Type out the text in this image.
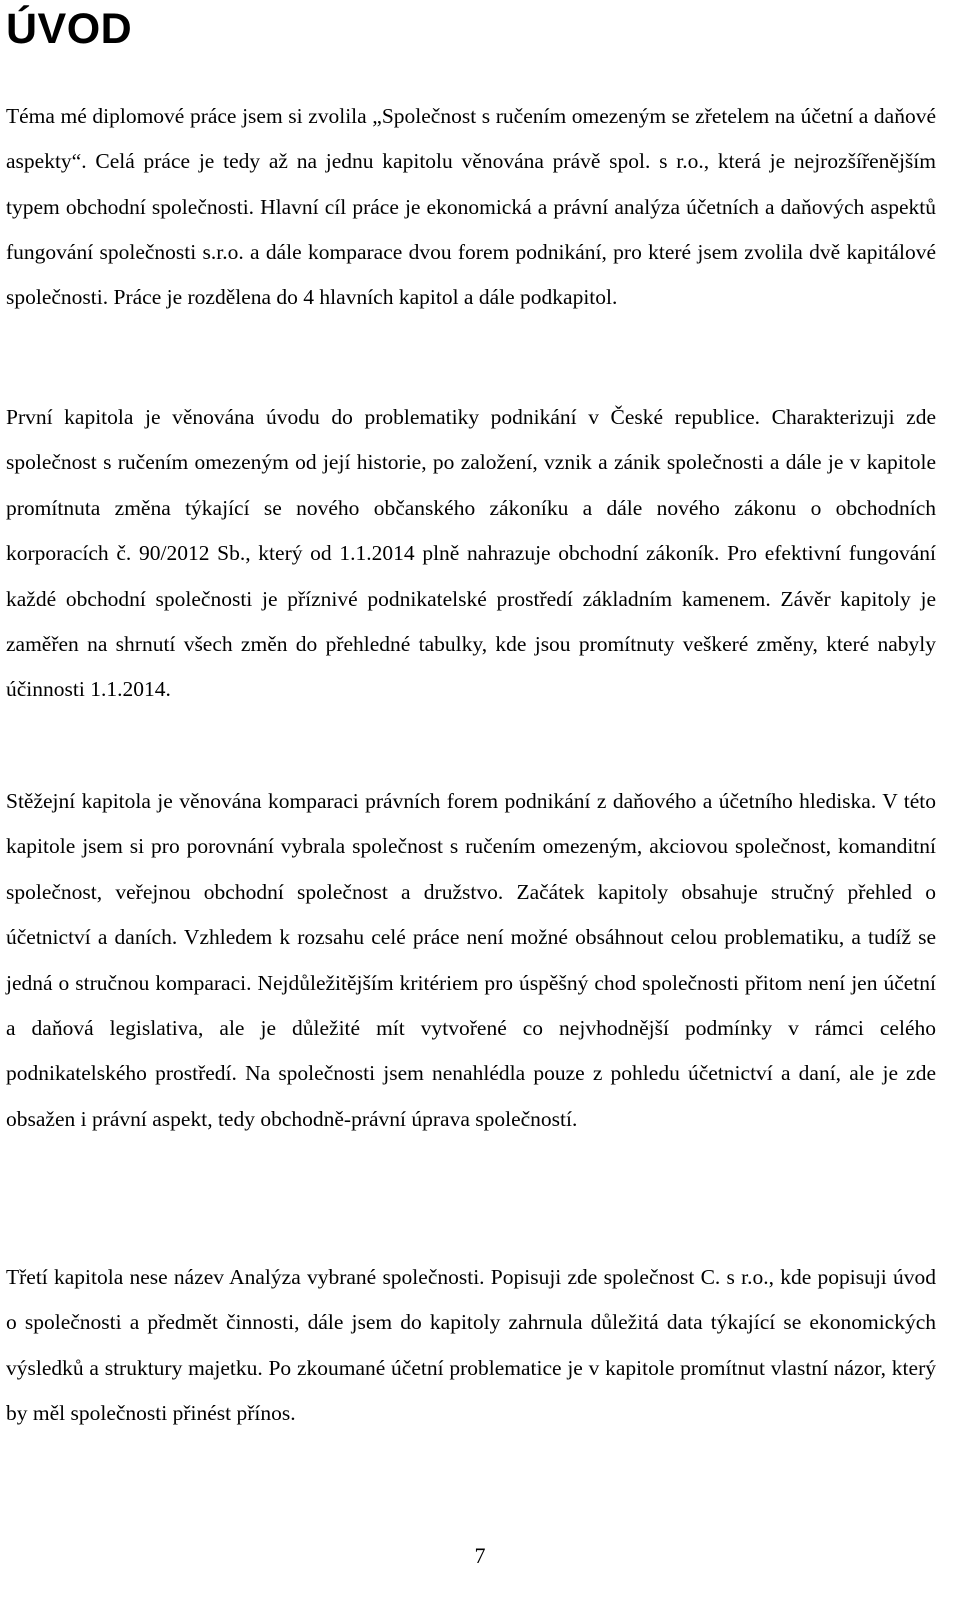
ÚVOD

Téma mé diplomové práce jsem si zvolila „Společnost s ručením omezeným se zřetelem na účetní a daňové aspekty“. Celá práce je tedy až na jednu kapitolu věnována právě spol. s r.o., která je nejrozšířenějším typem obchodní společnosti. Hlavní cíl práce je ekonomická a právní analýza účetních a daňových aspektů fungování společnosti s.r.o. a dále komparace dvou forem podnikání, pro které jsem zvolila dvě kapitálové společnosti. Práce je rozdělena do 4 hlavních kapitol a dále podkapitol.

První kapitola je věnována úvodu do problematiky podnikání v České republice. Charakterizuji zde společnost s ručením omezeným od její historie, po založení, vznik a zánik společnosti a dále je v kapitole promítnuta změna týkající se nového občanského zákoníku a dále nového zákonu o obchodních korporacích č. 90/2012 Sb., který od 1.1.2014 plně nahrazuje obchodní zákoník. Pro efektivní fungování každé obchodní společnosti je příznivé podnikatelské prostředí základním kamenem. Závěr kapitoly je zaměřen na shrnutí všech změn do přehledné tabulky, kde jsou promítnuty veškeré změny, které nabyly účinnosti 1.1.2014.

Stěžejní kapitola je věnována komparaci právních forem podnikání z daňového a účetního hlediska. V této kapitole jsem si pro porovnání vybrala společnost s ručením omezeným, akciovou společnost, komanditní společnost, veřejnou obchodní společnost a družstvo. Začátek kapitoly obsahuje stručný přehled o účetnictví a daních. Vzhledem k rozsahu celé práce není možné obsáhnout celou problematiku, a tudíž se jedná o stručnou komparaci. Nejdůležitějším kritériem pro úspěšný chod společnosti přitom není jen účetní a daňová legislativa, ale je důležité mít vytvořené co nejvhodnější podmínky v rámci celého podnikatelského prostředí. Na společnosti jsem nenahlédla pouze z pohledu účetnictví a daní, ale je zde obsažen i právní aspekt, tedy obchodně-právní úprava společností.

Třetí kapitola nese název Analýza vybrané společnosti. Popisuji zde společnost C. s r.o., kde popisuji úvod o společnosti a předmět činnosti, dále jsem do kapitoly zahrnula důležitá data týkající se ekonomických výsledků a struktury majetku. Po zkoumané účetní problematice je v kapitole promítnut vlastní názor, který by měl společnosti přinést přínos.

7
